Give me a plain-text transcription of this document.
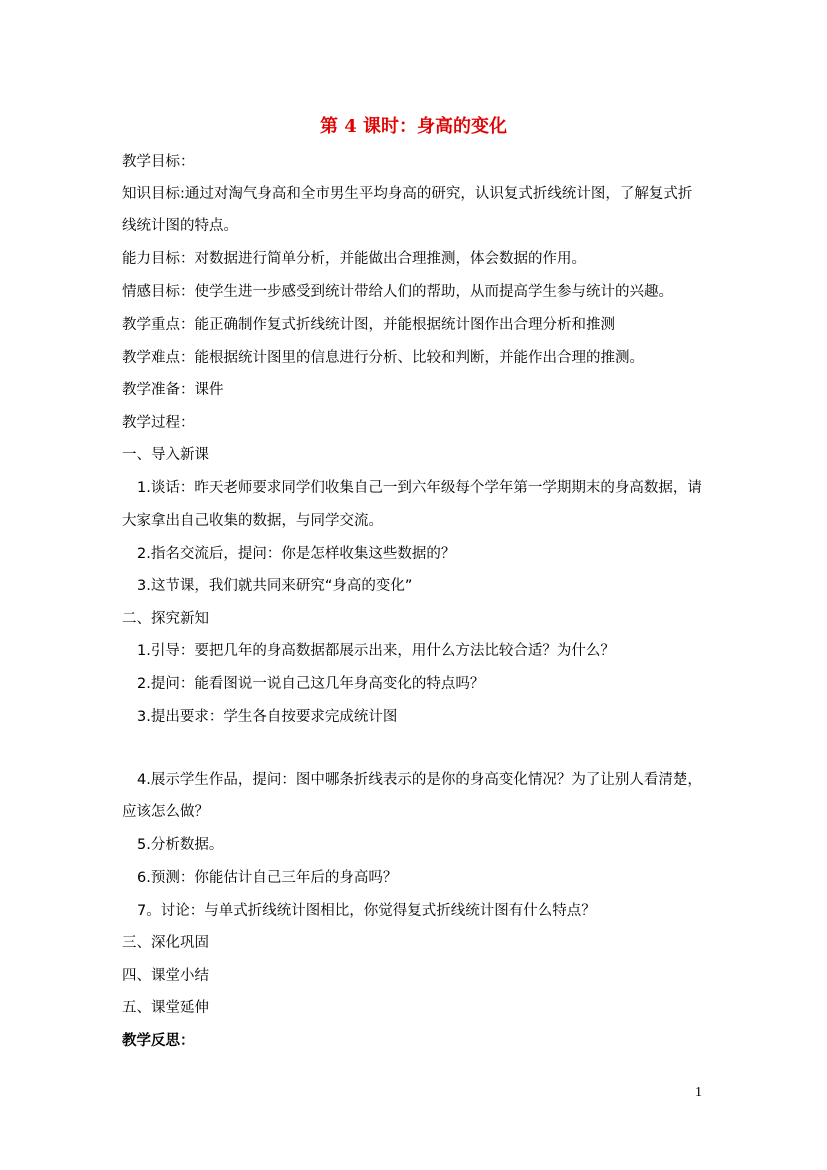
第 4 课时：身高的变化
教学目标：
知识目标:通过对淘气身高和全市男生平均身高的研究，认识复式折线统计图，了解复式折
线统计图的特点。
能力目标：对数据进行简单分析，并能做出合理推测，体会数据的作用。
情感目标：使学生进一步感受到统计带给人们的帮助，从而提高学生参与统计的兴趣。
教学重点：能正确制作复式折线统计图，并能根据统计图作出合理分析和推测
教学难点：能根据统计图里的信息进行分析、比较和判断，并能作出合理的推测。
教学准备：课件
教学过程：
一、导入新课
1.谈话：昨天老师要求同学们收集自己一到六年级每个学年第一学期期末的身高数据，请
大家拿出自己收集的数据，与同学交流。
2.指名交流后，提问：你是怎样收集这些数据的？
3.这节课，我们就共同来研究“身高的变化”
二、探究新知
1.引导：要把几年的身高数据都展示出来，用什么方法比较合适？为什么？
2.提问：能看图说一说自己这几年身高变化的特点吗？
3.提出要求：学生各自按要求完成统计图
4.展示学生作品，提问：图中哪条折线表示的是你的身高变化情况？为了让别人看清楚，
应该怎么做？
5.分析数据。
6.预测：你能估计自己三年后的身高吗？
7。讨论：与单式折线统计图相比，你觉得复式折线统计图有什么特点？
三、深化巩固
四、课堂小结
五、课堂延伸
教学反思：
1
